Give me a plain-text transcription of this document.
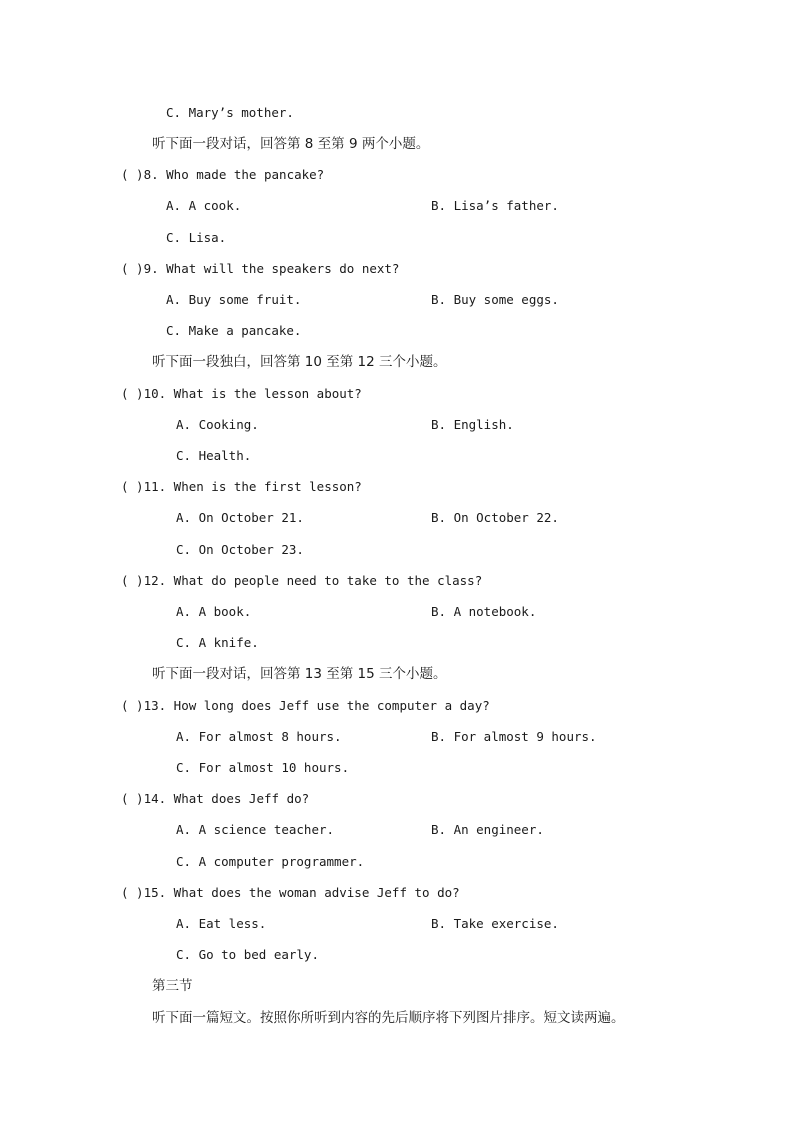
C. Mary’s mother.
听下面一段对话，回答第 8 至第 9 两个小题。
( )8. Who made the pancake?
A. A cook.	B. Lisa’s father.
C. Lisa.
( )9. What will the speakers do next?
A. Buy some fruit.	B. Buy some eggs.
C. Make a pancake.
听下面一段独白，回答第 10 至第 12 三个小题。
( )10. What is the lesson about?
A. Cooking.	B. English.
C. Health.
( )11. When is the first lesson?
A. On October 21.	B. On October 22.
C. On October 23.
( )12. What do people need to take to the class?
A. A book.	B. A notebook.
C. A knife.
听下面一段对话，回答第 13 至第 15 三个小题。
( )13. How long does Jeff use the computer a day?
A. For almost 8 hours.	B. For almost 9 hours.
C. For almost 10 hours.
( )14. What does Jeff do?
A. A science teacher.	B. An engineer.
C. A computer programmer.
( )15. What does the woman advise Jeff to do?
A. Eat less.	B. Take exercise.
C. Go to bed early.
第三节
听下面一篇短文。按照你所听到内容的先后顺序将下列图片排序。短文读两遍。
